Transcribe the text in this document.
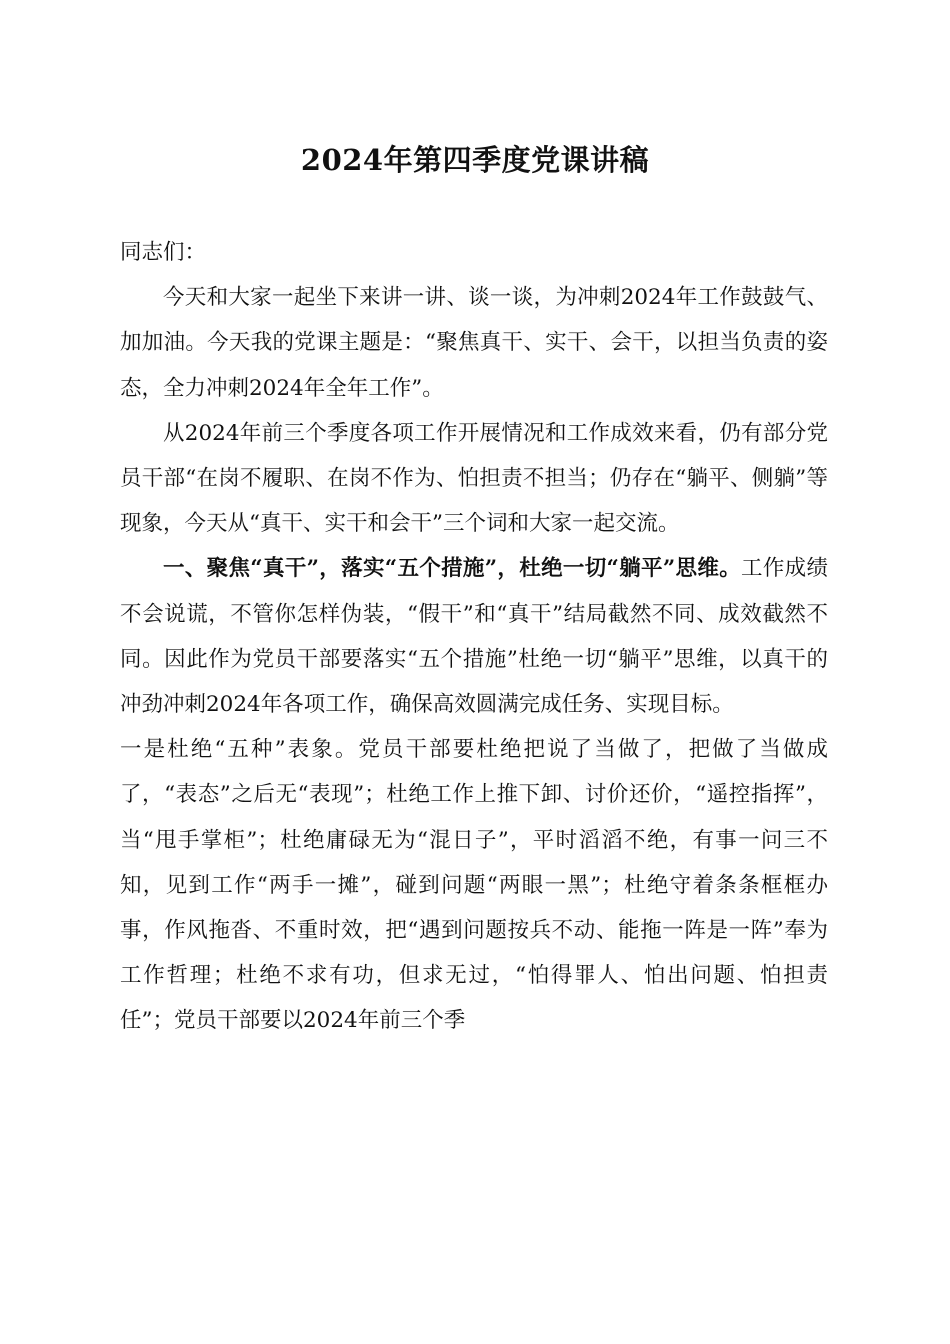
2024年第四季度党课讲稿

同志们：

今天和大家一起坐下来讲一讲、谈一谈，为冲刺2024年工作鼓鼓气、加加油。今天我的党课主题是：“聚焦真干、实干、会干，以担当负责的姿态，全力冲刺2024年全年工作”。

从2024年前三个季度各项工作开展情况和工作成效来看，仍有部分党员干部“在岗不履职、在岗不作为、怕担责不担当；仍存在“躺平、侧躺”等现象，今天从“真干、实干和会干”三个词和大家一起交流。

一、聚焦“真干”，落实“五个措施”，杜绝一切“躺平”思维。工作成绩不会说谎，不管你怎样伪装，“假干”和“真干”结局截然不同、成效截然不同。因此作为党员干部要落实“五个措施”杜绝一切“躺平”思维，以真干的冲劲冲刺2024年各项工作，确保高效圆满完成任务、实现目标。

一是杜绝“五种”表象。党员干部要杜绝把说了当做了，把做了当做成了，“表态”之后无“表现”；杜绝工作上推下卸、讨价还价，“遥控指挥”，当“甩手掌柜”；杜绝庸碌无为“混日子”，平时滔滔不绝，有事一问三不知，见到工作“两手一摊”，碰到问题“两眼一黑”；杜绝守着条条框框办事，作风拖沓、不重时效，把“遇到问题按兵不动、能拖一阵是一阵”奉为工作哲理；杜绝不求有功，但求无过，“怕得罪人、怕出问题、怕担责任”；党员干部要以2024年前三个季
